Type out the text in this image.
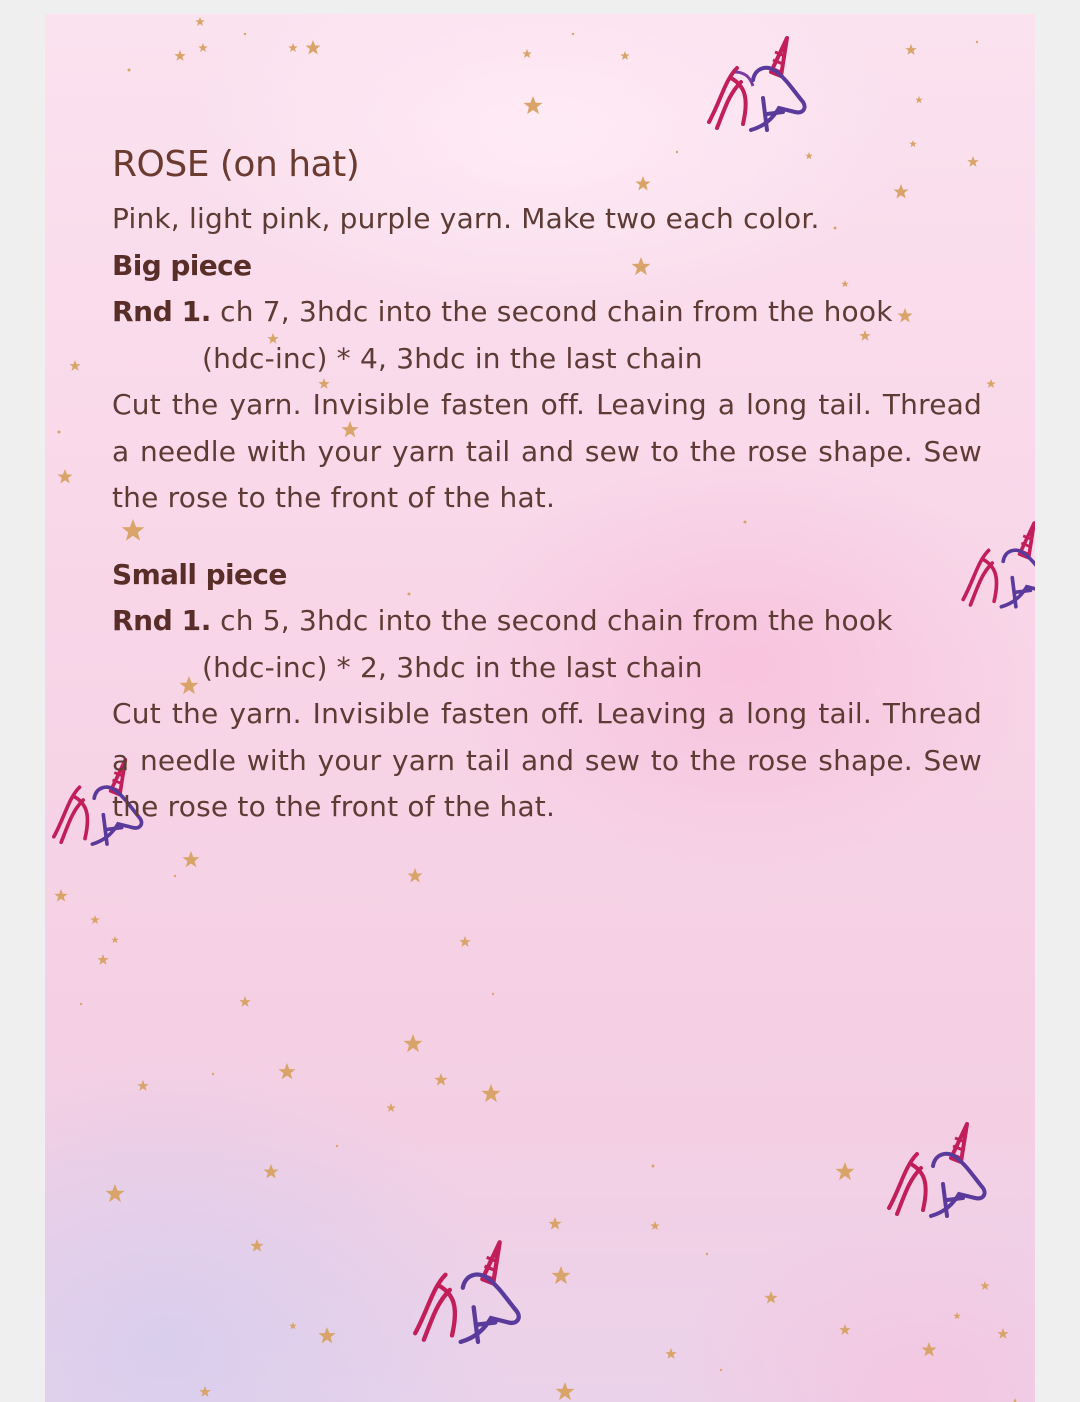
ROSE (on hat)
Pink, light pink, purple yarn. Make two each color.
Big piece
Rnd 1. ch 7, 3hdc into the second chain from the hook
(hdc-inc) * 4, 3hdc in the last chain
Cut the yarn. Invisible fasten off. Leaving a long tail. Thread a needle with your yarn tail and sew to the rose shape. Sew the rose to the front of the hat.
Small piece
Rnd 1. ch 5, 3hdc into the second chain from the hook
(hdc-inc) * 2, 3hdc in the last chain
Cut the yarn. Invisible fasten off. Leaving a long tail. Thread a needle with your yarn tail and sew to the rose shape. Sew the rose to the front of the hat.
